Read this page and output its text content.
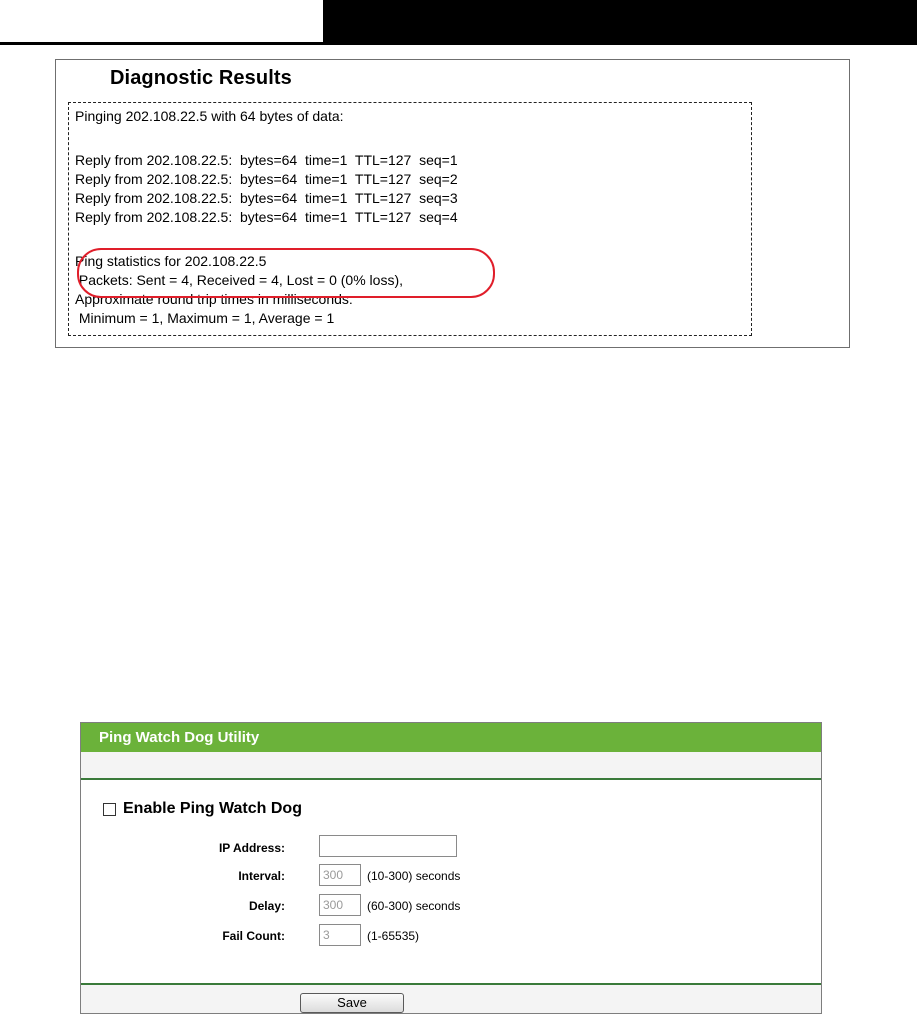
Diagnostic Results
Pinging 202.108.22.5 with 64 bytes of data:
Reply from 202.108.22.5:  bytes=64  time=1  TTL=127  seq=1
Reply from 202.108.22.5:  bytes=64  time=1  TTL=127  seq=2
Reply from 202.108.22.5:  bytes=64  time=1  TTL=127  seq=3
Reply from 202.108.22.5:  bytes=64  time=1  TTL=127  seq=4
Ping statistics for 202.108.22.5
Packets: Sent = 4, Received = 4, Lost = 0 (0% loss),
Approximate round trip times in milliseconds:
Minimum = 1, Maximum = 1, Average = 1
Ping Watch Dog Utility
Enable Ping Watch Dog
IP Address:
Interval:	300	(10-300) seconds
Delay:	300	(60-300) seconds
Fail Count:	3	(1-65535)
Save
